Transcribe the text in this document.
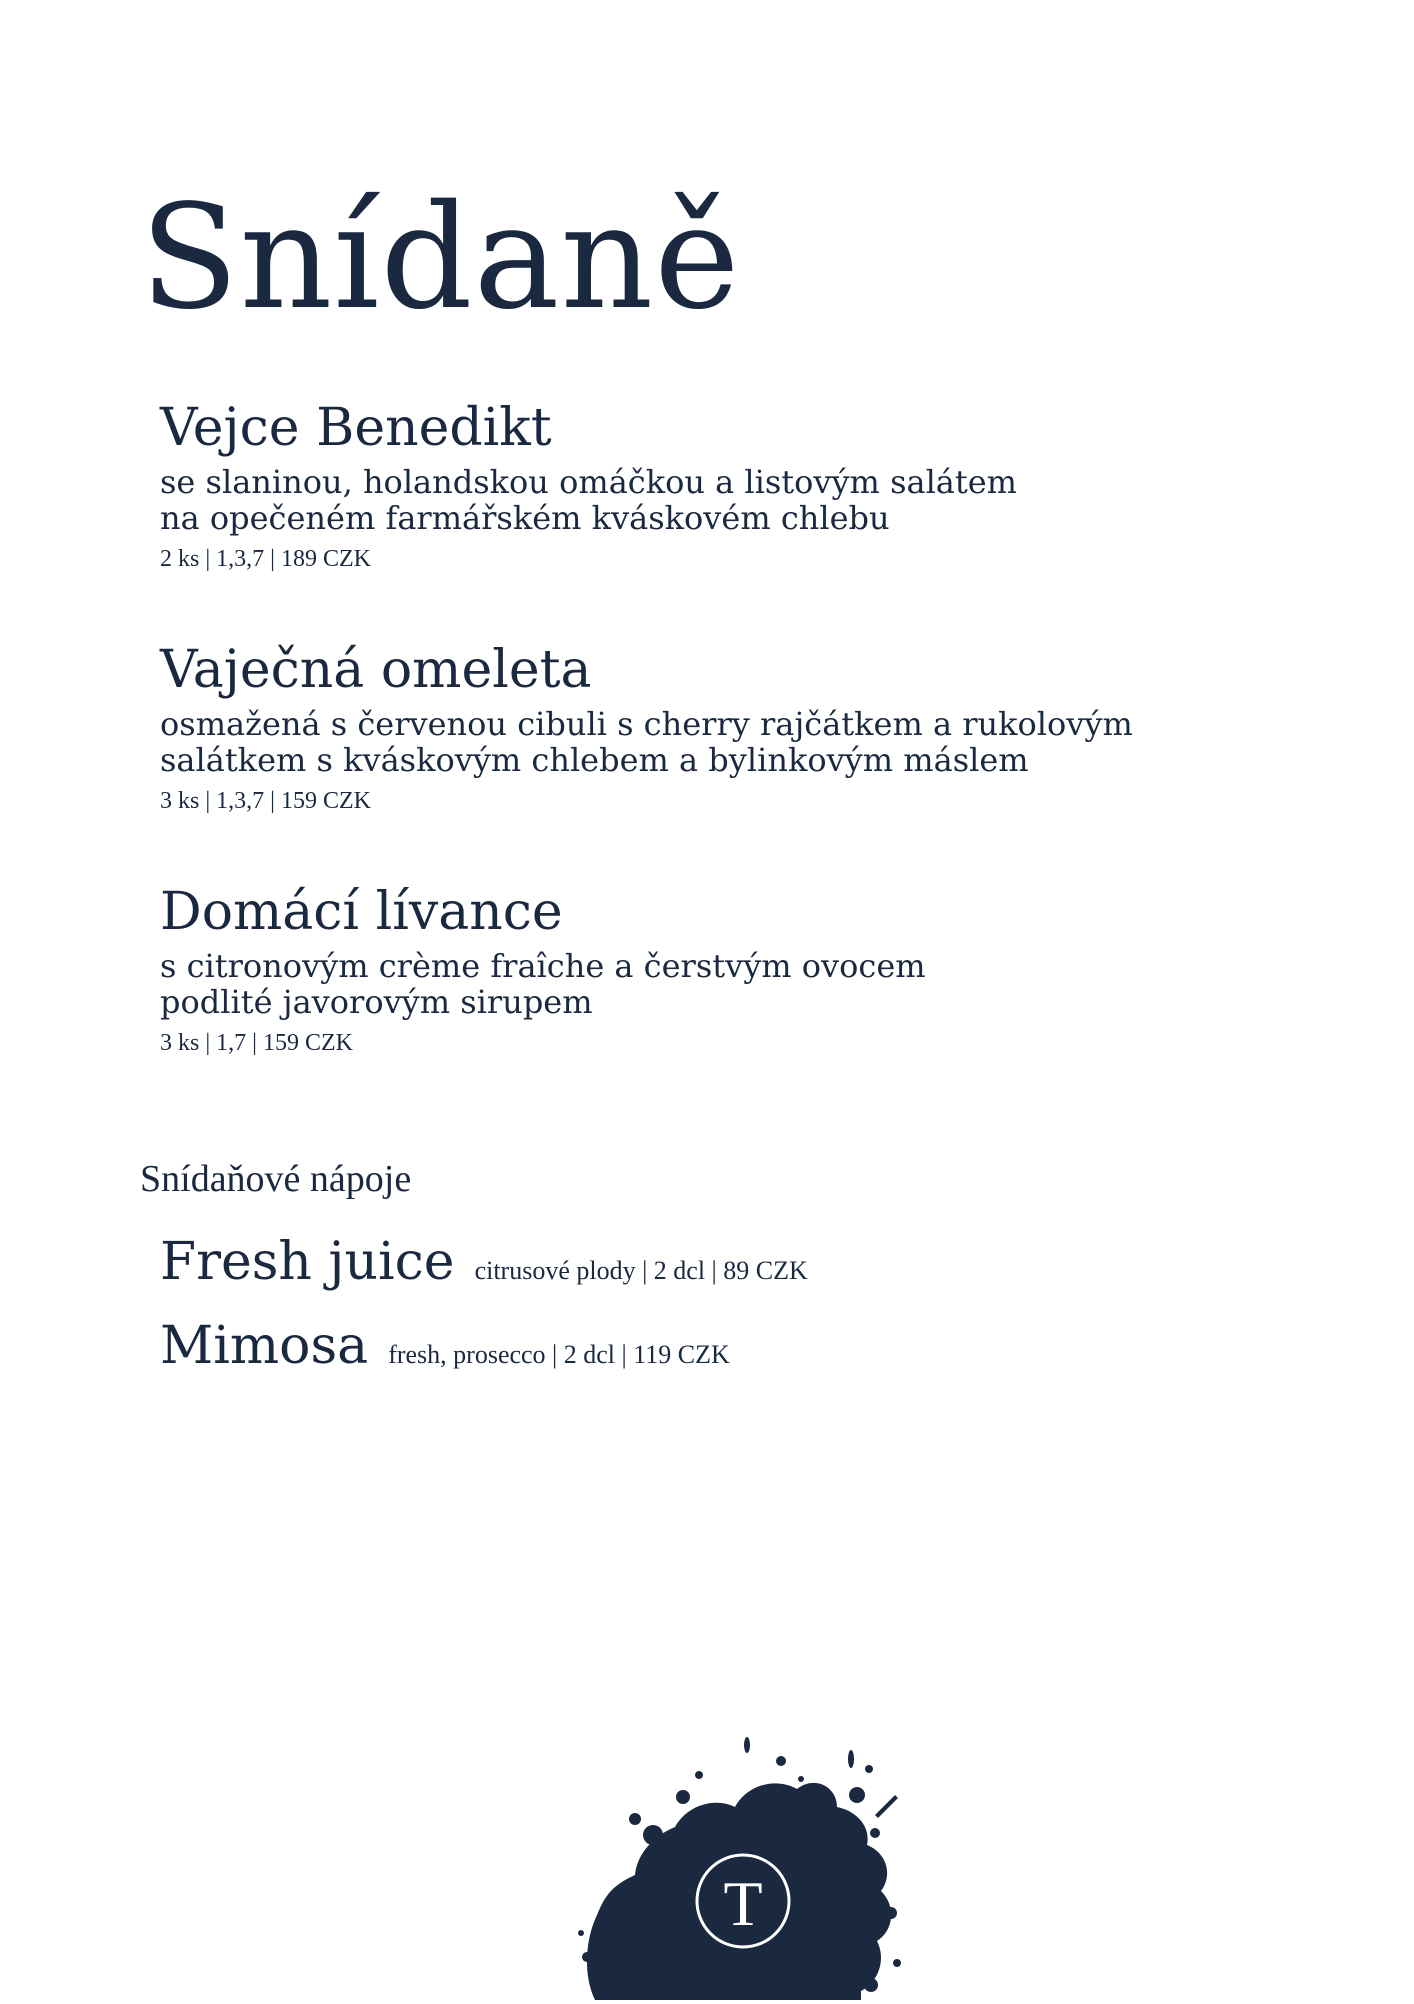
Snídaně
Vejce Benedikt
se slaninou, holandskou omáčkou a listovým salátem
na opečeném farmářském kváskovém chlebu
2 ks | 1,3,7 | 189 CZK
Vaječná omeleta
osmažená s červenou cibuli s cherry rajčátkem a rukolovým
salátkem s kváskovým chlebem a bylinkovým máslem
3 ks | 1,3,7 | 159 CZK
Domácí lívance
s citronovým crème fraîche a čerstvým ovocem
podlité javorovým sirupem
3 ks | 1,7 | 159 CZK
Snídaňové nápoje
Fresh juice citrusové plody | 2 dcl | 89 CZK
Mimosa fresh, prosecco | 2 dcl | 119 CZK
T
